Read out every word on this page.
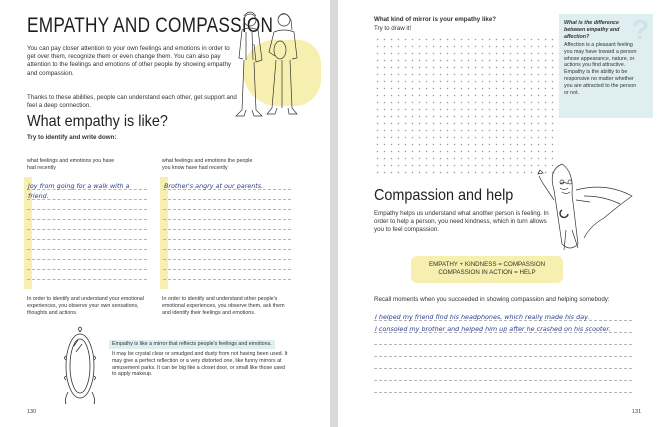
EMPATHY AND COMPASSION
You can pay closer attention to your own feelings and emotions in order to get over them, recognize them or even change them. You can also pay attention to the feelings and emotions of other people by showing empathy and compassion.
Thanks to these abilities, people can understand each other, get support and feel a deep connection.
What empathy is like?
Try to identify and write down:
what feelings and emotions you have had recently
Joy from going for a walk with a
friend.
In order to identify and understand your emotional experiences, you observe your own sensations, thoughts and actions.
what feelings and emotions the people you know have had recently
Brother's angry at our parents.
In order to identify and understand other people's emotional experiences, you observe them, ask them and identify their feelings and emotions.
Empathy is like a mirror that reflects people's feelings and emotions.
It may be crystal clear or smudged and dusty from not having been used. It may give a perfect reflection or a very distorted one, like funny mirrors at amusement parks. It can be big like a closet door, or small like those used to apply makeup.
130
What kind of mirror is your empathy like?
Try to draw it!	?
What is the difference between empathy and affection?
Affection is a pleasant feeling you may have toward a person whose appearance, nature, or actions you find attractive. Empathy is the ability to be responsive no matter whether you are attracted to the person or not.
Compassion and help
Empathy helps us understand what another person is feeling. In order to help a person, you need kindness, which in turn allows you to feel compassion.
EMPATHY + KINDNESS = COMPASSION
COMPASSION IN ACTION = HELP
Recall moments when you succeeded in showing compassion and helping somebody:
I helped my friend find his headphones, which really made his day.
I consoled my brother and helped him up after he crashed on his scooter.
131
